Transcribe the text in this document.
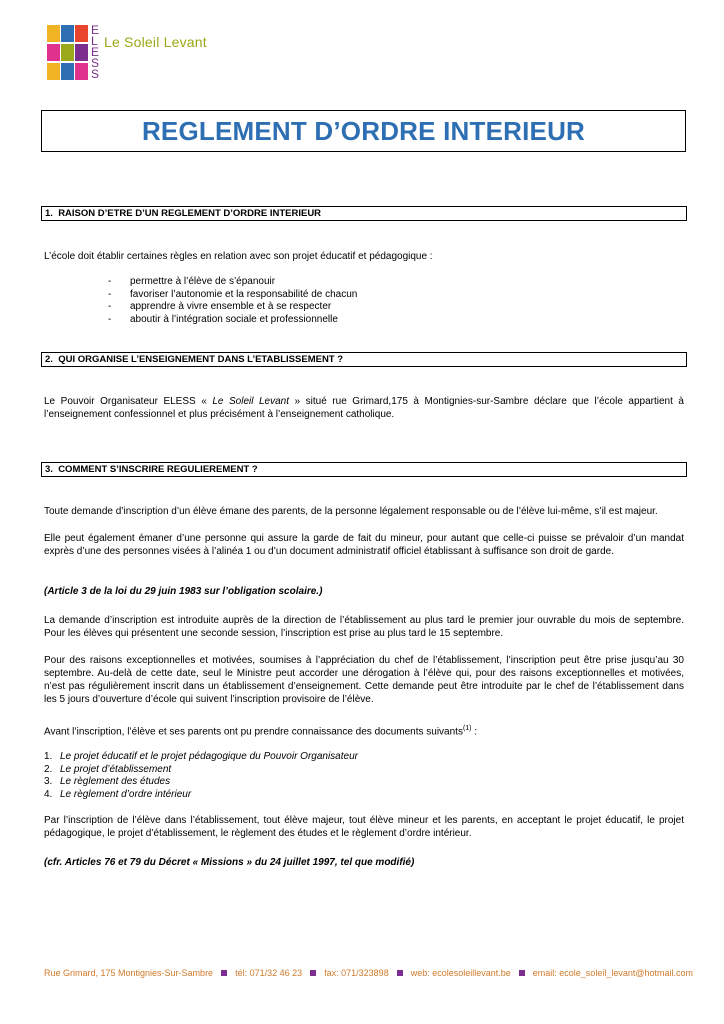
E
L
E
S
S
Le Soleil Levant
REGLEMENT D’ORDRE INTERIEUR
1.  RAISON D’ETRE D’UN REGLEMENT D’ORDRE INTERIEUR
L’école doit établir certaines règles en relation avec son projet éducatif et pédagogique :
-	permettre à l’élève de s’épanouir
-	favoriser l’autonomie et la responsabilité de chacun
-	apprendre à vivre ensemble et à se respecter
-	aboutir à l’intégration sociale et professionnelle
2.  QUI ORGANISE L’ENSEIGNEMENT DANS L’ETABLISSEMENT ?
Le Pouvoir Organisateur ELESS « Le Soleil Levant » situé rue Grimard,175 à Montignies-sur-Sambre déclare que l’école appartient à l’enseignement confessionnel et plus précisément à l’enseignement catholique.
3.  COMMENT S’INSCRIRE REGULIEREMENT ?
Toute demande d’inscription d’un élève émane des parents, de la personne légalement responsable ou de l’élève lui-même, s’il est majeur.
Elle peut également émaner d’une personne qui assure la garde de fait du mineur, pour autant que celle-ci puisse se prévaloir d’un mandat exprès d’une des personnes visées à l’alinéa 1 ou d’un document administratif officiel établissant à suffisance son droit de garde.
(Article 3 de la loi du 29 juin 1983 sur l’obligation scolaire.)
La demande d’inscription est introduite auprès de la direction de l’établissement au plus tard le premier jour ouvrable du mois de septembre. Pour les élèves qui présentent une seconde session, l’inscription est prise au plus tard le 15 septembre.
Pour des raisons exceptionnelles et motivées, soumises à l’appréciation du chef de l’établissement, l’inscription peut être prise jusqu’au 30 septembre. Au-delà de cette date, seul le Ministre peut accorder une dérogation à l’élève qui, pour des raisons exceptionnelles et motivées, n’est pas régulièrement inscrit dans un établissement d’enseignement. Cette demande peut être introduite par le chef de l’établissement dans les 5 jours d’ouverture d’école qui suivent l’inscription provisoire de l’élève.
Avant l’inscription, l’élève et ses parents ont pu prendre connaissance des documents suivants$^{(1)}$ :
1. Le projet éducatif et le projet pédagogique du Pouvoir Organisateur
2. Le projet d’établissement
3. Le règlement des études
4. Le règlement d’ordre intérieur
Par l’inscription de l’élève dans l’établissement, tout élève majeur, tout élève mineur et les parents, en acceptant le projet éducatif, le projet pédagogique, le projet d’établissement, le règlement des études et le règlement d’ordre intérieur.
(cfr. Articles 76 et 79 du Décret « Missions » du 24 juillet 1997, tel que modifié)
Rue Grimard, 175 Montignies-Sur-Sambre tél: 071/32 46 23 fax: 071/323898 web: ecolesoleillevant.be email: ecole_soleil_levant@hotmail.com
